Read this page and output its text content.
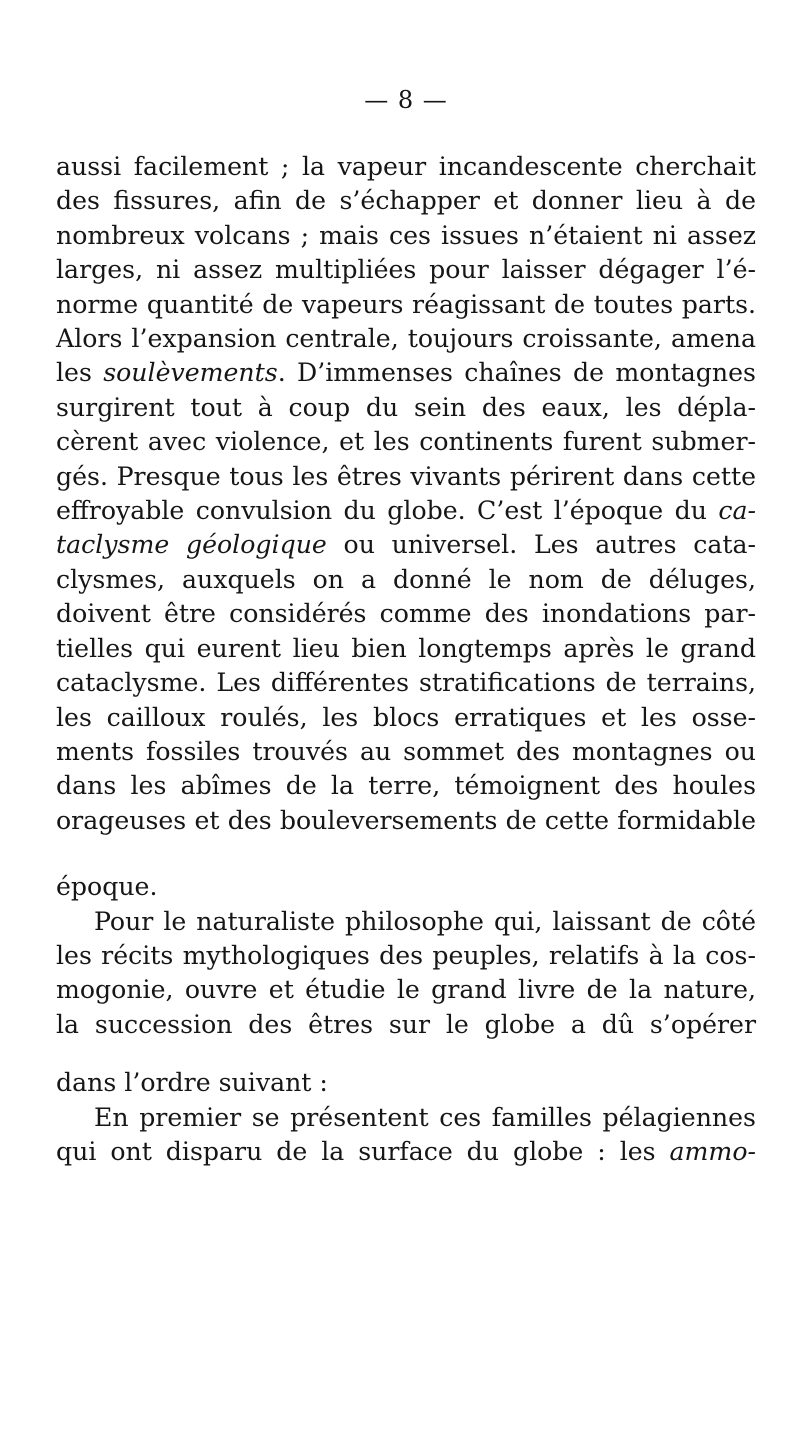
— 8 —
aussi facilement ; la vapeur incandescente cherchait
des fissures, afin de s’échapper et donner lieu à de
nombreux volcans ; mais ces issues n’étaient ni assez
larges, ni assez multipliées pour laisser dégager l’é-
norme quantité de vapeurs réagissant de toutes parts.
Alors l’expansion centrale, toujours croissante, amena
les soulèvements. D’immenses chaînes de montagnes
surgirent tout à coup du sein des eaux, les dépla-
cèrent avec violence, et les continents furent submer-
gés. Presque tous les êtres vivants périrent dans cette
effroyable convulsion du globe. C’est l’époque du ca-
taclysme géologique ou universel. Les autres cata-
clysmes, auxquels on a donné le nom de déluges,
doivent être considérés comme des inondations par-
tielles qui eurent lieu bien longtemps après le grand
cataclysme. Les différentes stratifications de terrains,
les cailloux roulés, les blocs erratiques et les osse-
ments fossiles trouvés au sommet des montagnes ou
dans les abîmes de la terre, témoignent des houles
orageuses et des bouleversements de cette formidable
époque.
Pour le naturaliste philosophe qui, laissant de côté
les récits mythologiques des peuples, relatifs à la cos-
mogonie, ouvre et étudie le grand livre de la nature,
la succession des êtres sur le globe a dû s’opérer
dans l’ordre suivant :
En premier se présentent ces familles pélagiennes
qui ont disparu de la surface du globe : les ammo-
